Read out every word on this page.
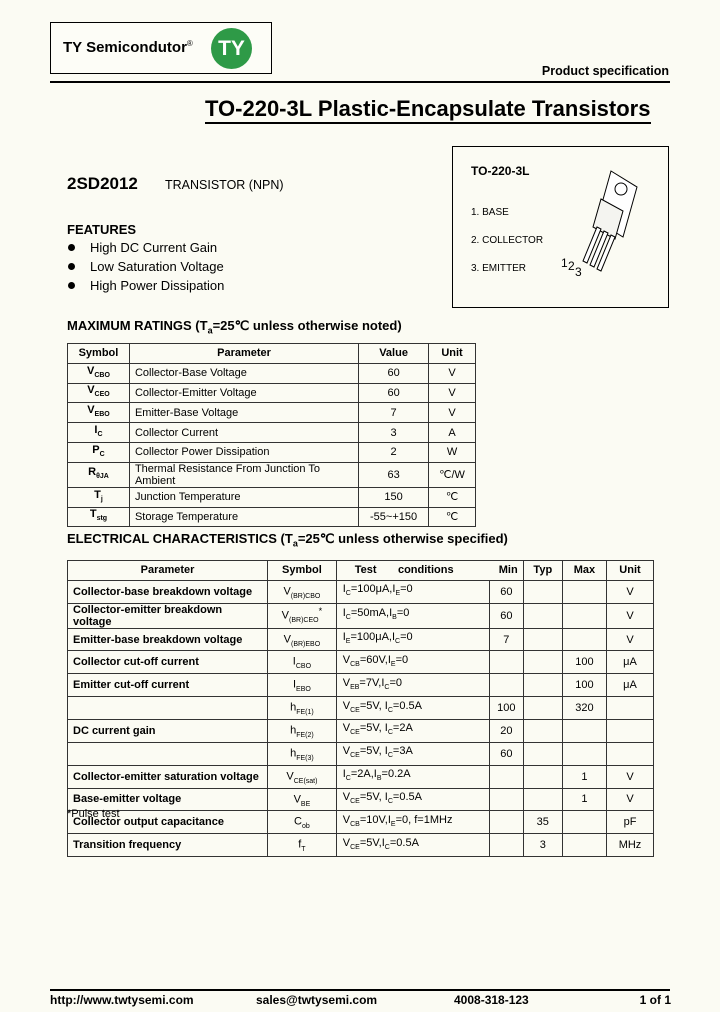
TY Semicondutor®	TY
Product specification
TO-220-3L Plastic-Encapsulate Transistors
2SD2012 TRANSISTOR (NPN)
FEATURES
High DC Current Gain
Low Saturation Voltage
High Power Dissipation
TO-220-3L
1. BASE
2. COLLECTOR
3. EMITTER	1 2 3
MAXIMUM RATINGS ($T_a=25℃$ unless otherwise noted)
Symbol	Parameter	Value	Unit
$V_{CBO}$	Collector-Base Voltage	60	V
$V_{CEO}$	Collector-Emitter Voltage	60	V
$V_{EBO}$	Emitter-Base Voltage	7	V
$I_C$	Collector Current	3	A
$P_C$	Collector Power Dissipation	2	W
$R_{\theta JA}$	Thermal Resistance From Junction To Ambient	63	℃/W
$T_j$	Junction Temperature	150	℃
$T_{stg}$	Storage Temperature	-55~+150	℃
ELECTRICAL CHARACTERISTICS ($T_a=25℃$ unless otherwise specified)
Parameter	Symbol	Test conditions Min		Typ	Max	Unit
Collector-base breakdown voltage	$V_{(BR)CBO}$	$I_C=100\mu A,I_E=0$	60			V
Collector-emitter breakdown voltage	$V_{(BR)CEO}^*$	$I_C=50mA,I_B=0$	60			V
Emitter-base breakdown voltage	$V_{(BR)EBO}$	$I_E=100\mu A,I_C=0$	7			V
Collector cut-off current	$I_{CBO}$	$V_{CB}=60V,I_E=0$			100	μA
Emitter cut-off current	$I_{EBO}$	$V_{EB}=7V,I_C=0$			100	μA
	$h_{FE(1)}$	$V_{CE}=5V$, $I_C=0.5A$	100		320	
DC current gain	$h_{FE(2)}$	$V_{CE}=5V$, $I_C=2A$	20			
	$h_{FE(3)}$	$V_{CE}=5V$, $I_C=3A$	60			
Collector-emitter saturation voltage	$V_{CE(sat)}$	$I_C=2A,I_B=0.2A$			1	V
Base-emitter voltage	$V_{BE}$	$V_{CE}=5V$, $I_C=0.5A$			1	V
Collector output capacitance	$C_{ob}$	$V_{CB}=10V,I_E=0$, f=1MHz		35		pF
Transition frequency	$f_T$	$V_{CE}=5V,I_C=0.5A$		3		MHz
*Pulse test
http://www.twtysemi.com	sales@twtysemi.com	4008-318-123	1 of 1
